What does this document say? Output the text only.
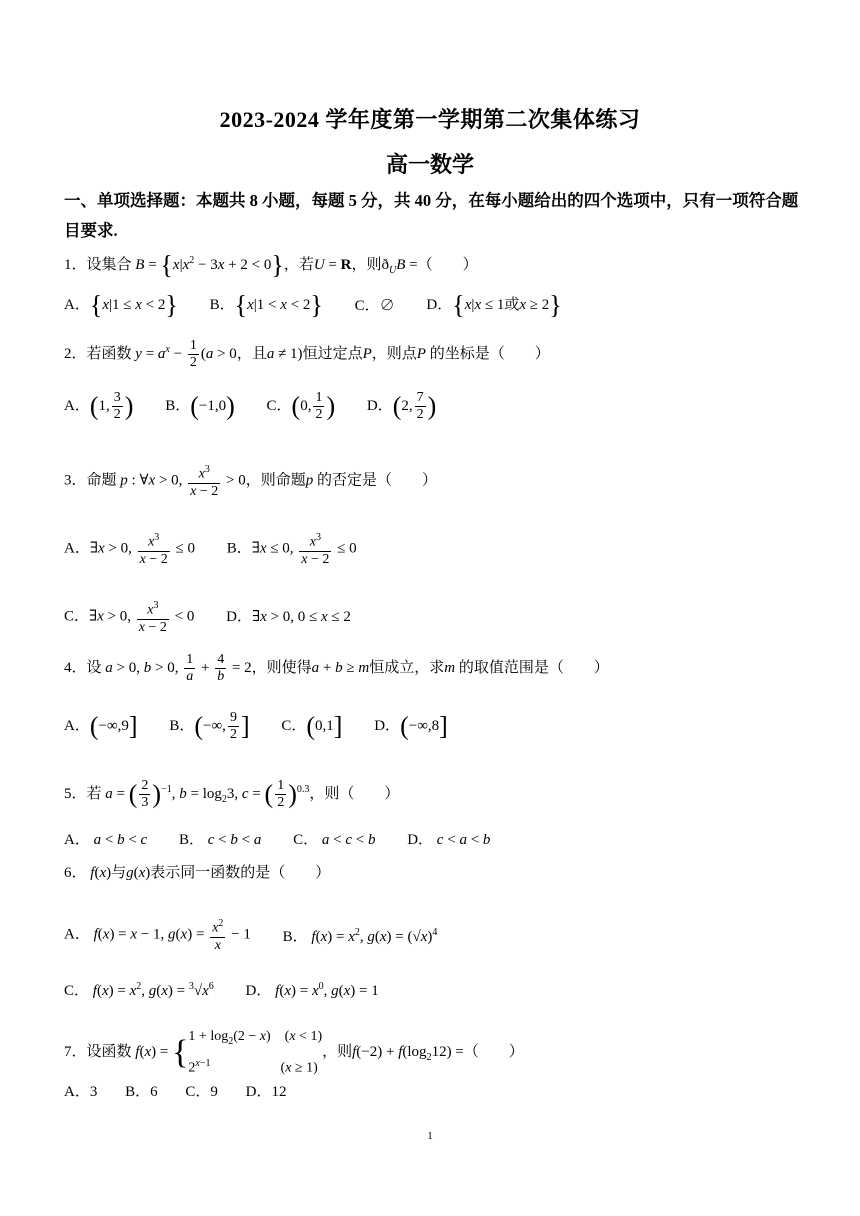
2023-2024 学年度第一学期第二次集体练习
高一数学
一、单项选择题：本题共 8 小题，每题 5 分，共 40 分，在每小题给出的四个选项中，只有一项符合题目要求.
1．设集合 $B = \{x|x^2 - 3x + 2 < 0\}$，若U = R，则$ð_UB$ =（　　）
A．{x|1 ≤ x < 2} B．{x|1 < x < 2} C．∅ D．{x|x ≤ 1或x ≥ 2}
2．若函数 $y = a^x - \frac{1}{2} (a > 0$，且a ≠ 1)恒过定点P，则点P 的坐标是（　　）
A．(1, $\frac{3}{2}$ ) B．(−1,0) C．(0, $\frac{1}{2}$ ) D．(2, $\frac{7}{2}$ )
3．命题 p : ∀x > 0, $\frac{x^3}{x - 2} > 0$，则命题p 的否定是（　　）
A．∃x > 0, $\frac{x^3}{x - 2} \le 0$ B．∃x ≤ 0, $\frac{x^3}{x - 2} \le 0$
C．∃x > 0, $\frac{x^3}{x - 2} < 0$ D．∃x > 0, 0 ≤ x ≤ 2
4．设 a > 0, b > 0, $\frac{1}{a} + \frac{4}{b} = 2$，则使得a + b ≥ m恒成立，求m 的取值范围是（　　）
A．(−∞,9] B．(−∞, $\frac{9}{2}$ ] C．(0,1] D．(−∞,8]
5．若 a = ( $\frac{2}{3} )^{-1}$, $b = \log_23$, c = ( $\frac{1}{2} )^{0.3}$，则（　　）
A． a < b < c B． c < b < a C． a < c < b D． c < a < b
6． f(x)与g(x)表示同一函数的是（　　）
A． f(x) = x − 1, $g(x) = \frac{x^2}{x} - 1$ B． $f(x) = x^2$, $g(x) = (√x)^4$
C． $f(x) = x^2$, $g(x) = ^3√x^6$ D． $f(x) = x^0$, g(x) = 1
7．设函数 f(x) = { $1 + \log_2(2 - x)$　(x < 1)
$2^{x-1}$　　　　　(x ≥ 1)
，则$f(-2) + f(\log_212)$ =（　　）
A．3 B．6 C．9 D．12
1
